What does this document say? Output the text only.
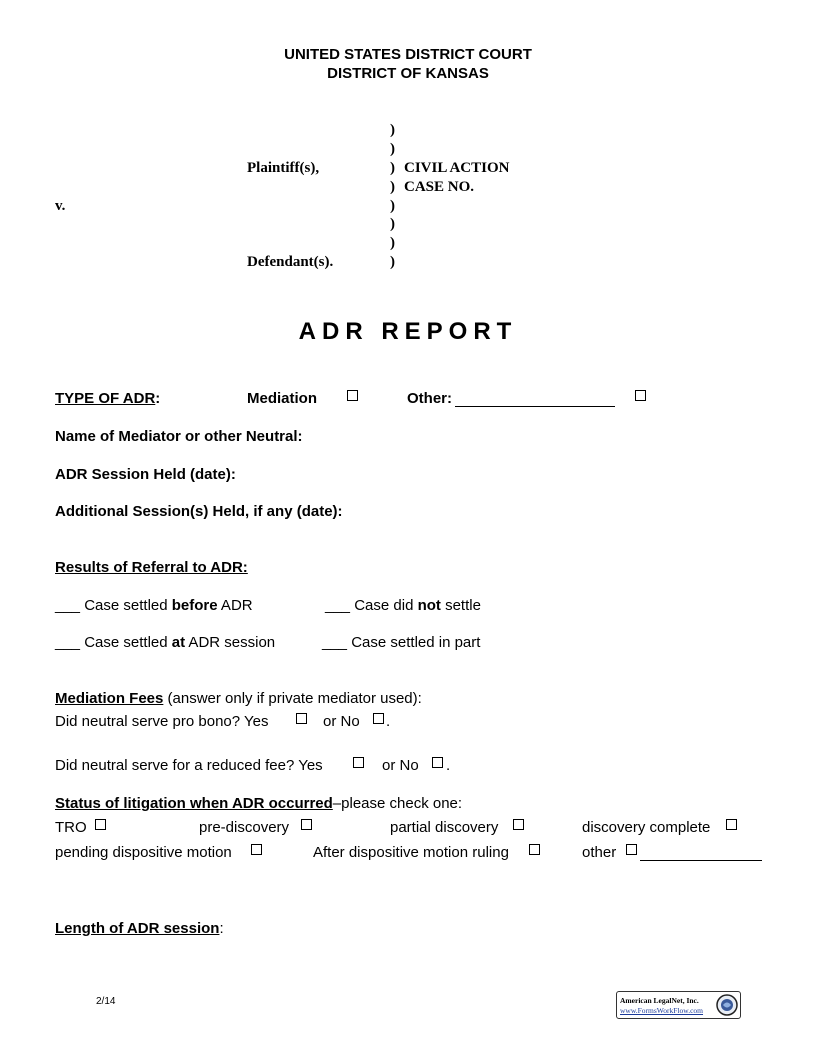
UNITED STATES DISTRICT COURT
DISTRICT OF KANSAS
)
)
)
)
)
)
)
)
Plaintiff(s),	CIVIL ACTION
CASE NO.
v.
Defendant(s).
ADR REPORT
TYPE OF ADR:	Mediation	Other:
Name of Mediator or other Neutral:
ADR Session Held (date):
Additional Session(s) Held, if any (date):
Results of Referral to ADR:
___ Case settled before ADR	___ Case did not settle
___ Case settled at ADR session	___ Case settled in part
Mediation Fees (answer only if private mediator used):
Did neutral serve pro bono? Yes	or No .
Did neutral serve for a reduced fee? Yes	or No .
Status of litigation when ADR occurred–please check one:
TRO	pre-discovery	partial discovery	discovery complete
pending dispositive motion	After dispositive motion ruling	other
Length of ADR session:
2/14	American LegalNet, Inc.
www.FormsWorkFlow.com
